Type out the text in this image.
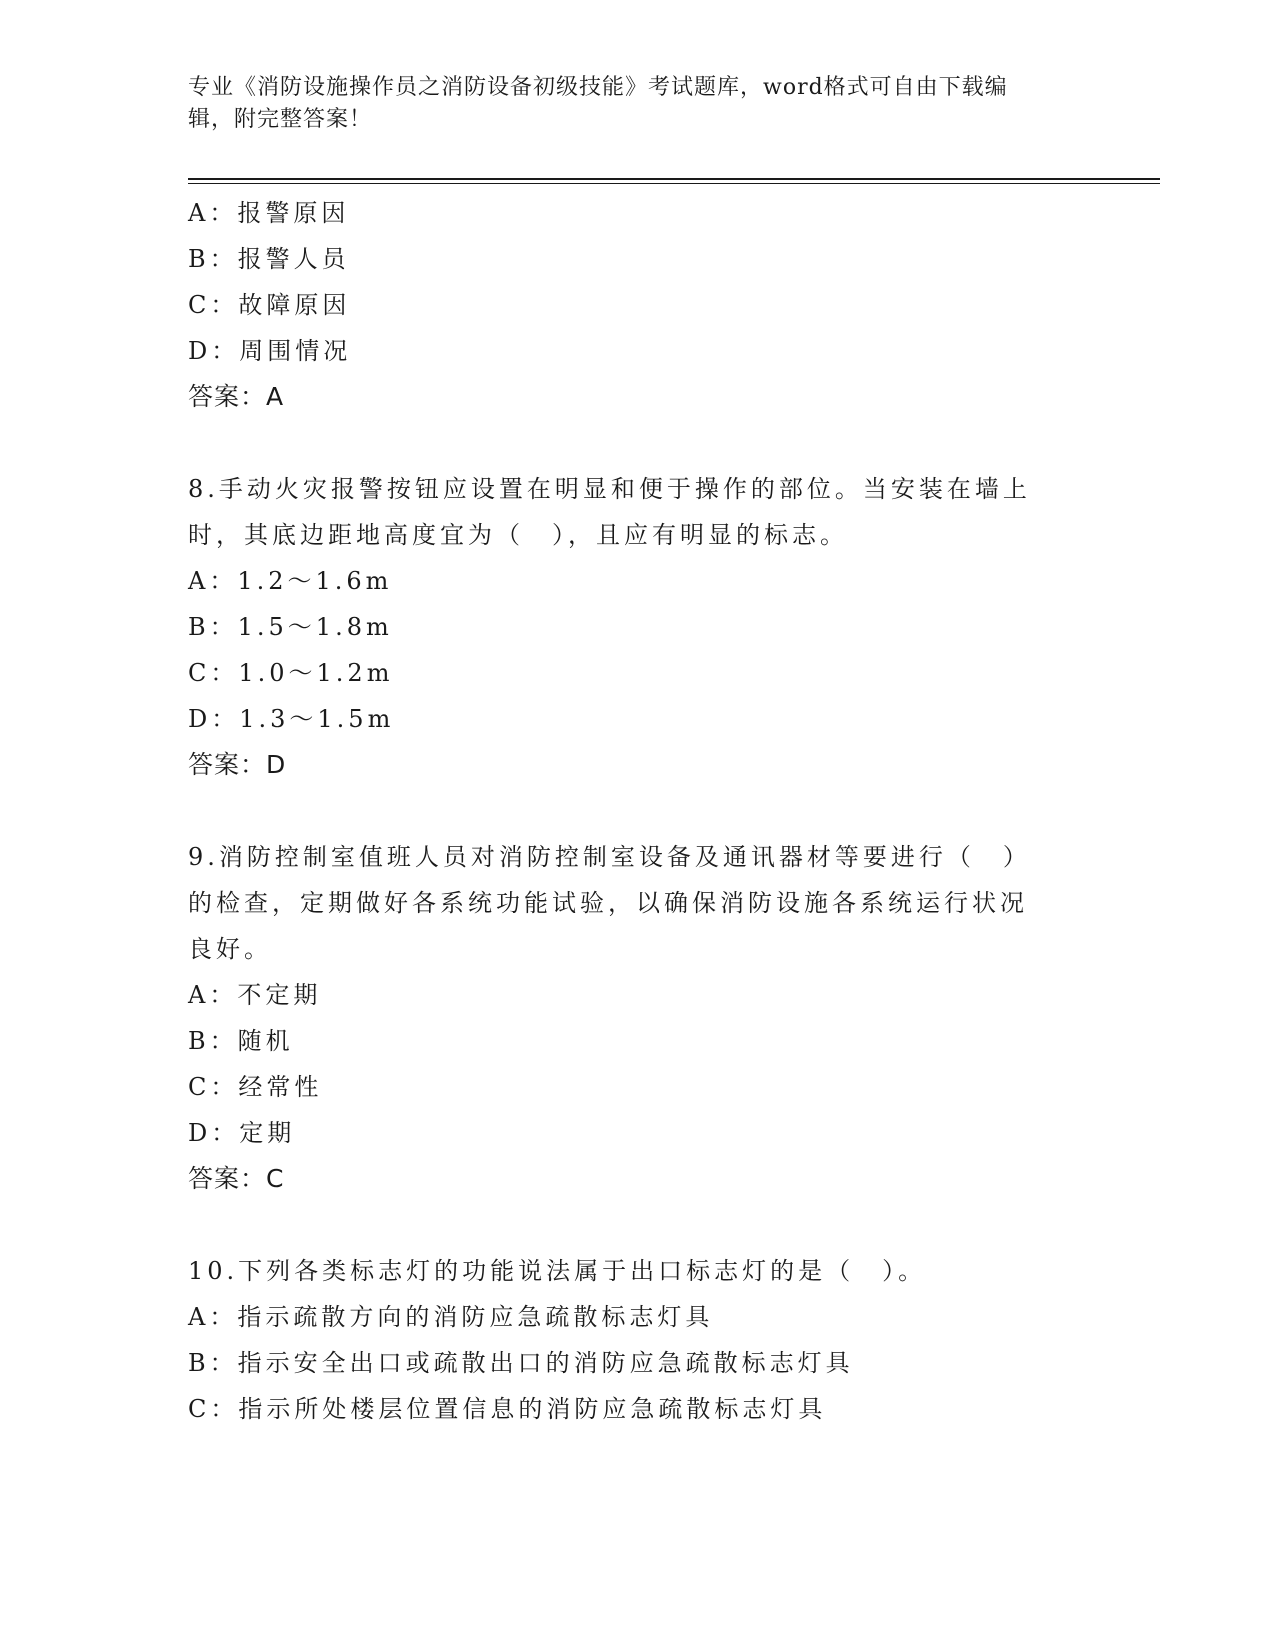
专业《消防设施操作员之消防设备初级技能》考试题库，word格式可自由下载编
辑，附完整答案！
A：报警原因
B：报警人员
C：故障原因
D：周围情况
答案：A
8.手动火灾报警按钮应设置在明显和便于操作的部位。当安装在墙上
时，其底边距地高度宜为（　），且应有明显的标志。
A：1.2～1.6m
B：1.5～1.8m
C：1.0～1.2m
D：1.3～1.5m
答案：D
9.消防控制室值班人员对消防控制室设备及通讯器材等要进行（　）
的检查，定期做好各系统功能试验，以确保消防设施各系统运行状况
良好。
A：不定期
B：随机
C：经常性
D：定期
答案：C
10.下列各类标志灯的功能说法属于出口标志灯的是（　）。
A：指示疏散方向的消防应急疏散标志灯具
B：指示安全出口或疏散出口的消防应急疏散标志灯具
C：指示所处楼层位置信息的消防应急疏散标志灯具
